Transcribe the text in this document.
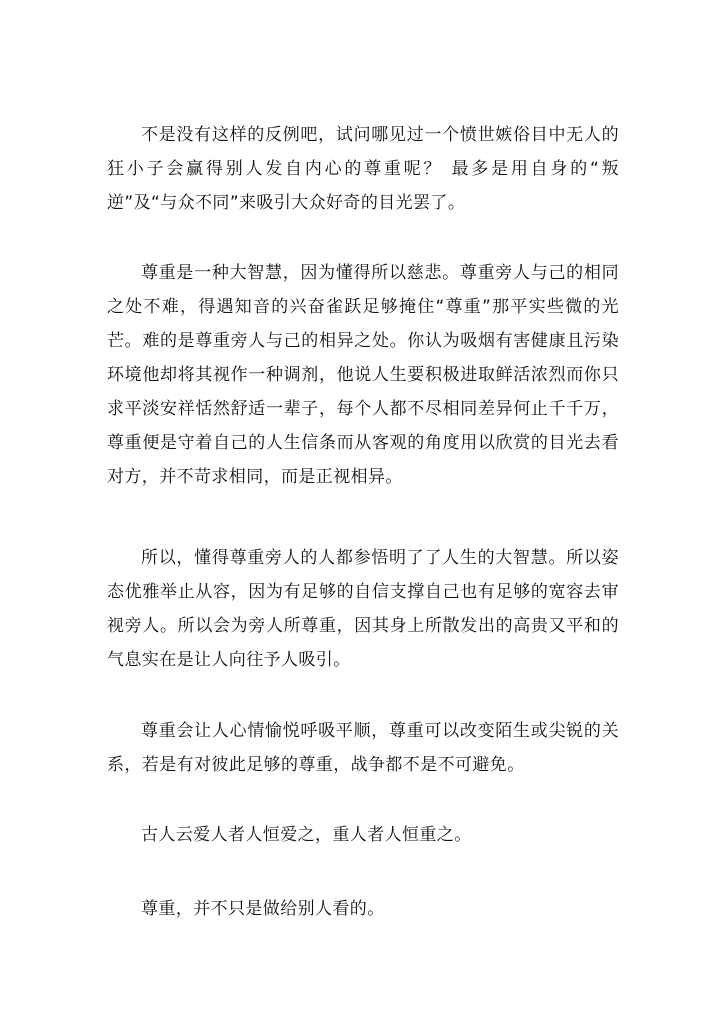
不是没有这样的反例吧，试问哪见过一个愤世嫉俗目中无人的狂小子会赢得别人发自内心的尊重呢？ 最多是用自身的“叛逆”及“与众不同”来吸引大众好奇的目光罢了。

尊重是一种大智慧，因为懂得所以慈悲。尊重旁人与己的相同之处不难，得遇知音的兴奋雀跃足够掩住“尊重”那平实些微的光芒。难的是尊重旁人与己的相异之处。你认为吸烟有害健康且污染环境他却将其视作一种调剂，他说人生要积极进取鲜活浓烈而你只求平淡安祥恬然舒适一辈子，每个人都不尽相同差异何止千千万，尊重便是守着自己的人生信条而从客观的角度用以欣赏的目光去看对方，并不苛求相同，而是正视相异。

所以，懂得尊重旁人的人都参悟明了了人生的大智慧。所以姿态优雅举止从容，因为有足够的自信支撑自己也有足够的宽容去审视旁人。所以会为旁人所尊重，因其身上所散发出的高贵又平和的气息实在是让人向往予人吸引。

尊重会让人心情愉悦呼吸平顺，尊重可以改变陌生或尖锐的关系，若是有对彼此足够的尊重，战争都不是不可避免。

古人云爱人者人恒爱之，重人者人恒重之。

尊重，并不只是做给别人看的。
